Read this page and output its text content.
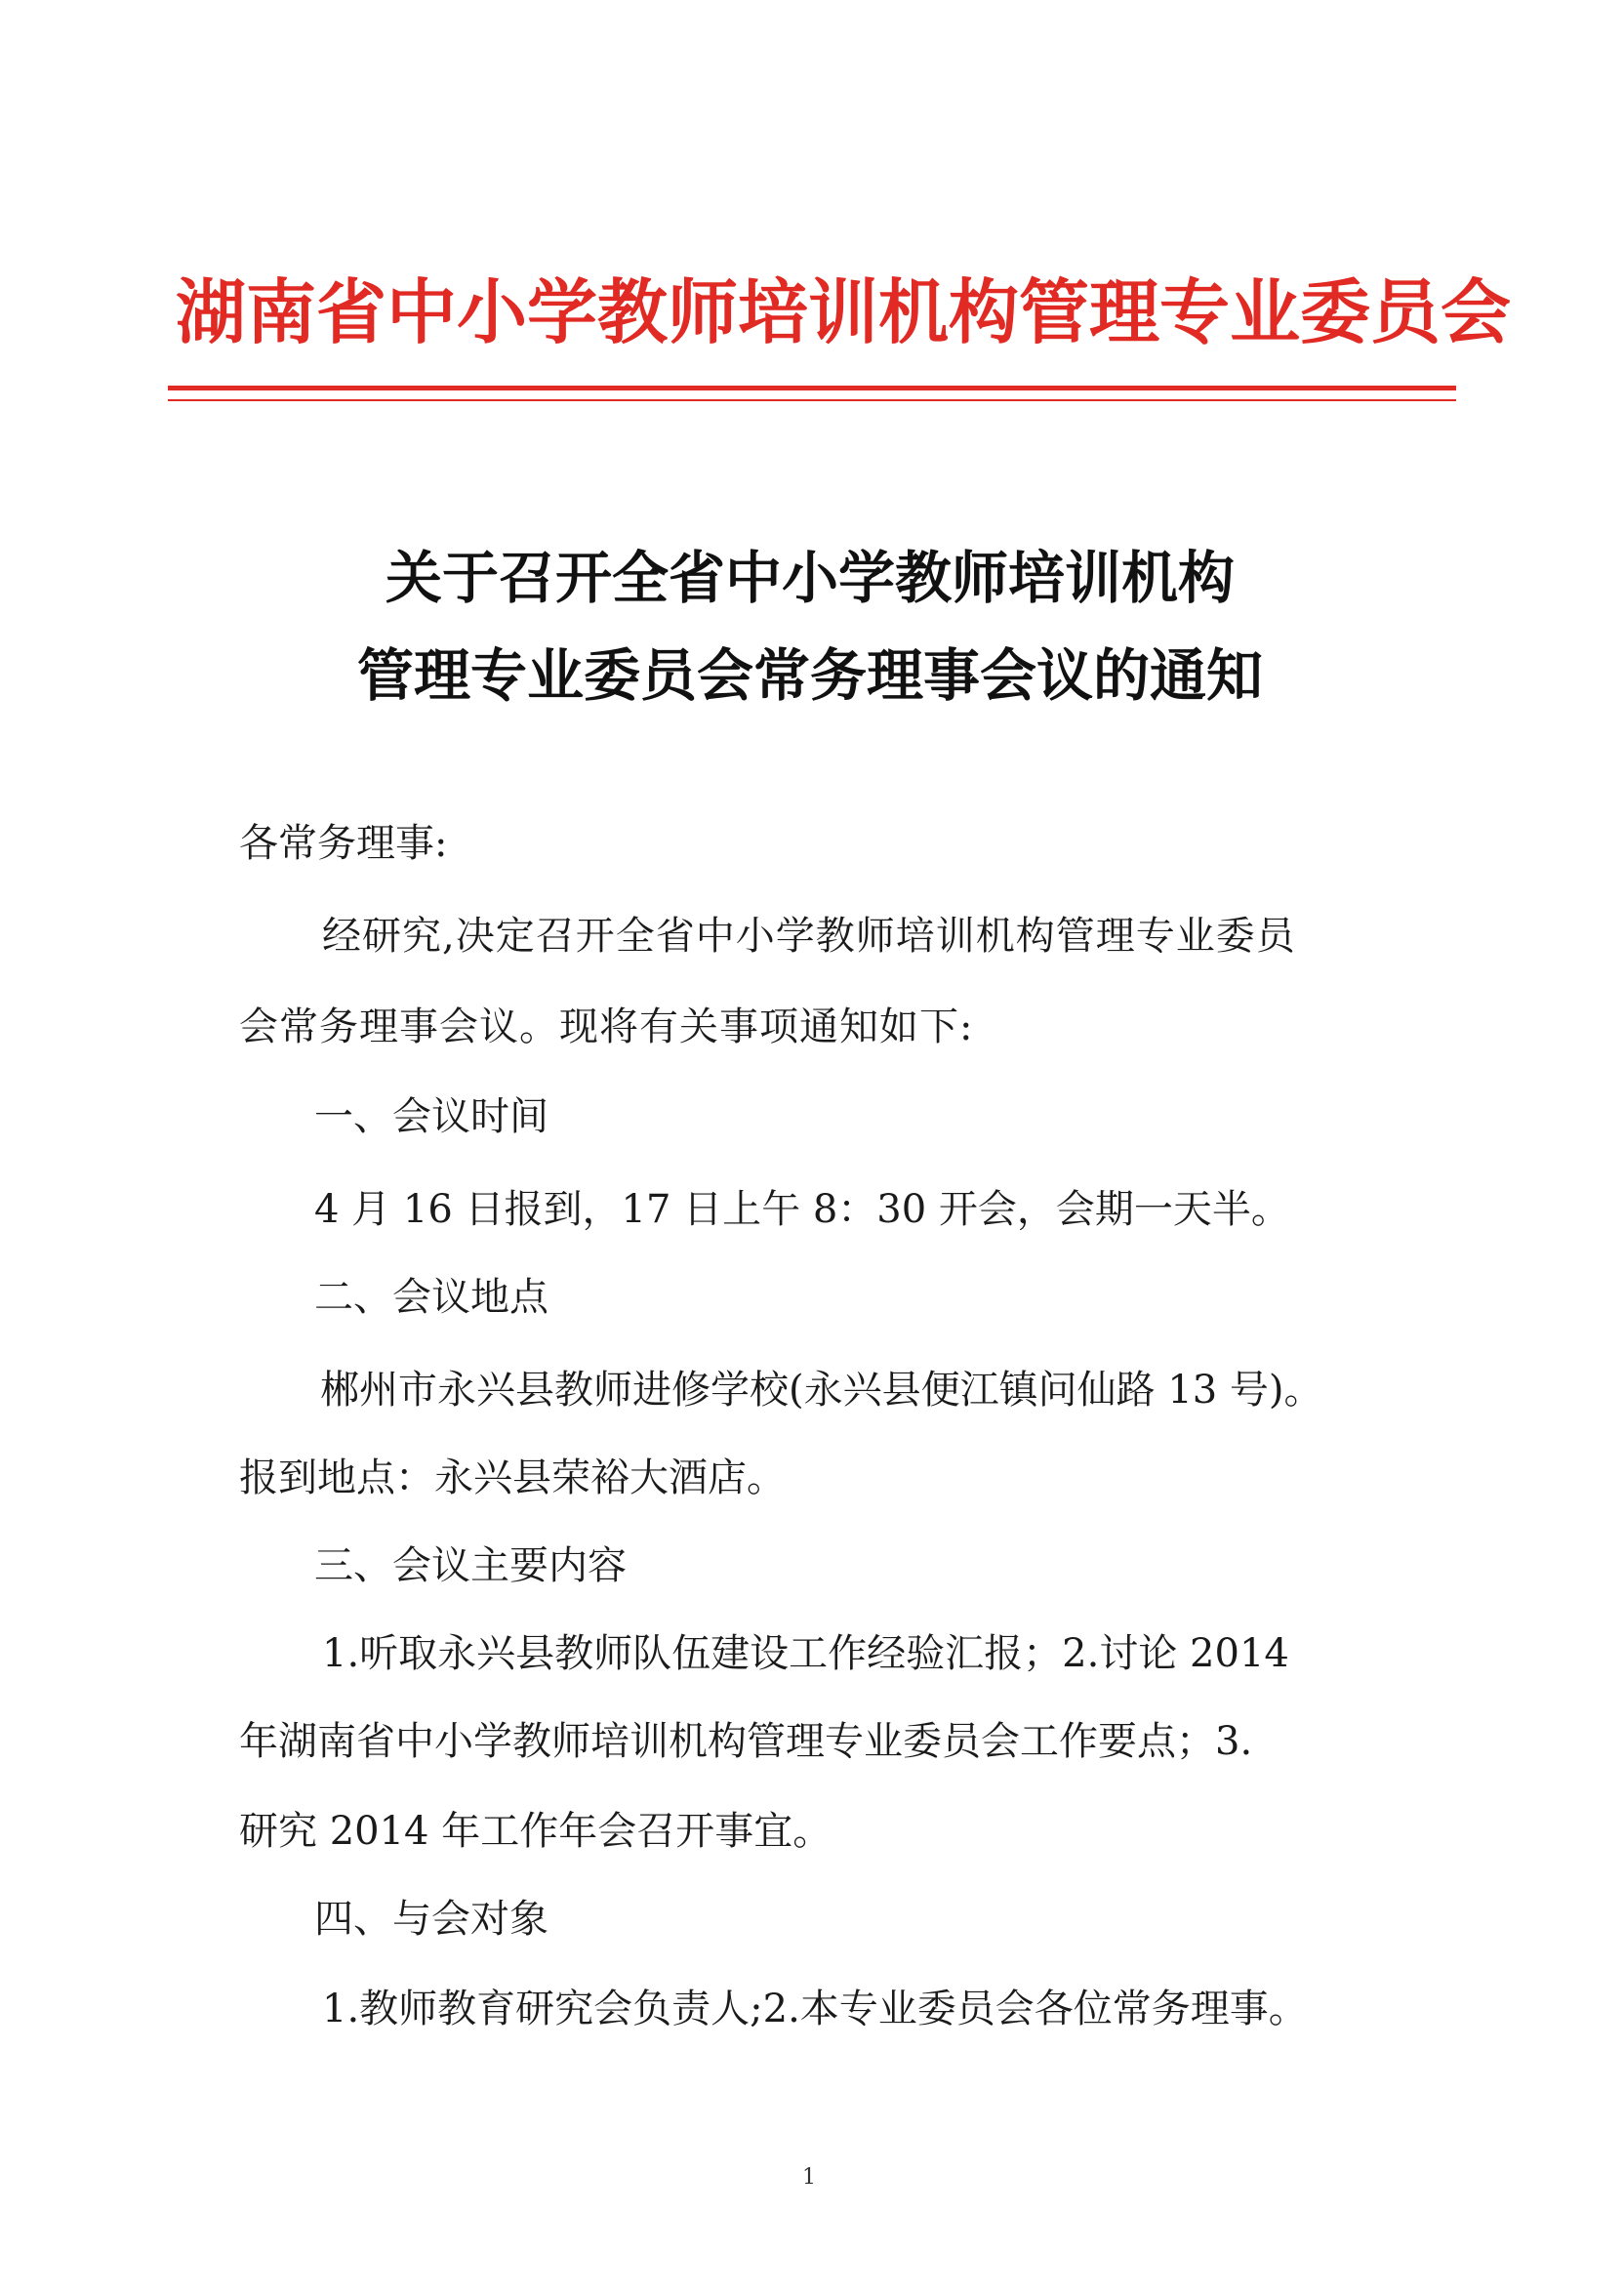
湖南省中小学教师培训机构管理专业委员会
关于召开全省中小学教师培训机构
管理专业委员会常务理事会议的通知
各常务理事:
经研究,决定召开全省中小学教师培训机构管理专业委员
会常务理事会议。现将有关事项通知如下:
一、会议时间
4 月 16 日报到，17 日上午 8：30 开会，会期一天半。
二、会议地点
郴州市永兴县教师进修学校(永兴县便江镇问仙路 13 号)。
报到地点：永兴县荣裕大酒店。
三、会议主要内容
1.听取永兴县教师队伍建设工作经验汇报；2.讨论 2014
年湖南省中小学教师培训机构管理专业委员会工作要点；3.
研究 2014 年工作年会召开事宜。
四、与会对象
1.教师教育研究会负责人;2.本专业委员会各位常务理事。
1
